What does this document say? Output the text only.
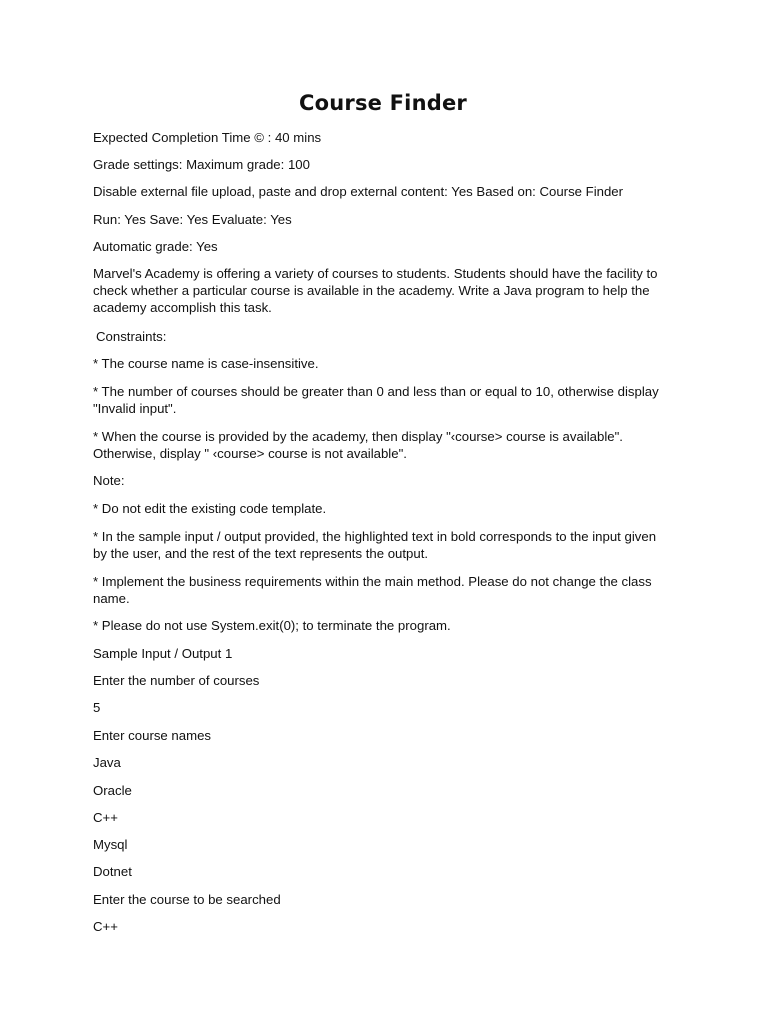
Course Finder

Expected Completion Time © : 40 mins

Grade settings: Maximum grade: 100

Disable external file upload, paste and drop external content: Yes Based on: Course Finder

Run: Yes Save: Yes Evaluate: Yes

Automatic grade: Yes

Marvel's Academy is offering a variety of courses to students. Students should have the facility to check whether a particular course is available in the academy. Write a Java program to help the academy accomplish this task.

Constraints:

* The course name is case-insensitive.

* The number of courses should be greater than 0 and less than or equal to 10, otherwise display "Invalid input".

* When the course is provided by the academy, then display "‹course> course is available". Otherwise, display " ‹course> course is not available".

Note:

* Do not edit the existing code template.

* In the sample input / output provided, the highlighted text in bold corresponds to the input given by the user, and the rest of the text represents the output.

* Implement the business requirements within the main method. Please do not change the class name.

* Please do not use System.exit(0); to terminate the program.

Sample Input / Output 1

Enter the number of courses

5

Enter course names

Java

Oracle

C++

Mysql

Dotnet

Enter the course to be searched

C++
